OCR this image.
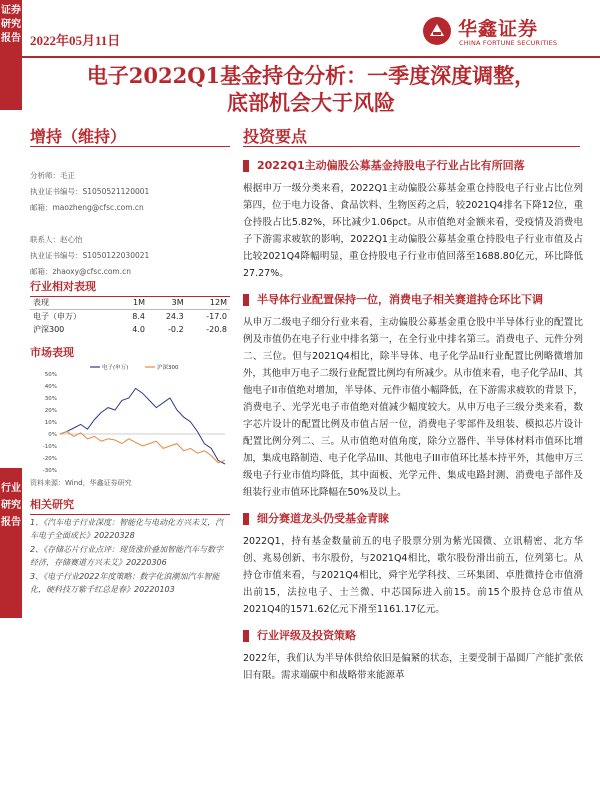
证券研究报告
行业研究报告
2022年05月11日
华鑫证券
CHINA FORTUNE SECURITIES
电子2022Q1基金持仓分析：一季度深度调整，
底部机会大于风险
增持（维持）	投资要点
分析师：毛正
执业证书编号：S1050521120001
邮箱：maozheng@cfsc.com.cn
联系人：赵心怡
执业证书编号：S1050122030021
邮箱：zhaoxy@cfsc.com.cn
行业相对表现
表现	1M	3M	12M
电子（申万）	8.4	24.3	-17.0
沪深300	4.0	-0.2	-20.8
市场表现
50%
40%
30%
20%
10%
0%
-10%
-20%
-30%
电子(申万)	沪深300
资料来源：Wind，华鑫证券研究
相关研究
1、《汽车电子行业深度：智能化与电动化方兴未艾，汽车电子全面成长》20220328
2、《存储芯片行业点评：现货涨价叠加智能汽车与数字经济，存储赛道方兴未艾》20220306
3、《电子行业2022年度策略：数字化浪潮加汽车智能化，硬科技万紫千红总是春》20220103
2022Q1主动偏股公募基金持股电子行业占比有所回落
根据申万一级分类来看，2022Q1主动偏股公募基金重仓持股电子行业占比位列第四，位于电力设备、食品饮料、生物医药之后，较2021Q4排名下降12位，重仓持股占比5.82%，环比减少1.06pct。从市值绝对金额来看，受疫情及消费电子下游需求疲软的影响，2022Q1主动偏股公募基金重仓持股电子行业市值及占比较2021Q4降幅明显，重仓持股电子行业市值回落至1688.80亿元，环比降低27.27%。
半导体行业配置保持一位，消费电子相关赛道持仓环比下调
从申万二级电子细分行业来看，主动偏股公募基金重仓股中半导体行业的配置比例及市值仍在电子行业中排名第一，在全行业中排名第三。消费电子、元件分列二、三位。但与2021Q4相比，除半导体、电子化学品II行业配置比例略微增加外，其他申万电子二级行业配置比例均有所减少。从市值来看，电子化学品II、其他电子II市值绝对增加，半导体、元件市值小幅降低，在下游需求疲软的背景下，消费电子、光学光电子市值绝对值减少幅度较大。从申万电子三级分类来看，数字芯片设计的配置比例及市值占居一位，消费电子零部件及组装、模拟芯片设计配置比例分列二、三。从市值绝对值角度，除分立器件、半导体材料市值环比增加，集成电路制造、电子化学品III、其他电子III市值环比基本持平外，其他申万三级电子行业市值均降低，其中面板、光学元件、集成电路封测、消费电子部件及组装行业市值环比降幅在50%及以上。
细分赛道龙头仍受基金青睐
2022Q1，持有基金数量前五的电子股票分别为紫光国微、立讯精密、北方华创、兆易创新、韦尔股份，与2021Q4相比，歌尔股份滑出前五，位列第七。从持仓市值来看，与2021Q4相比，舜宇光学科技、三环集团、卓胜微持仓市值滑出前15，法拉电子、士兰微、中芯国际进入前15。前15个股持仓总市值从2021Q4的1571.62亿元下滑至1161.17亿元。
行业评级及投资策略
2022年，我们认为半导体供给依旧是偏紧的状态，主要受制于晶圆厂产能扩张依旧有限。需求端碳中和战略带来能源革
